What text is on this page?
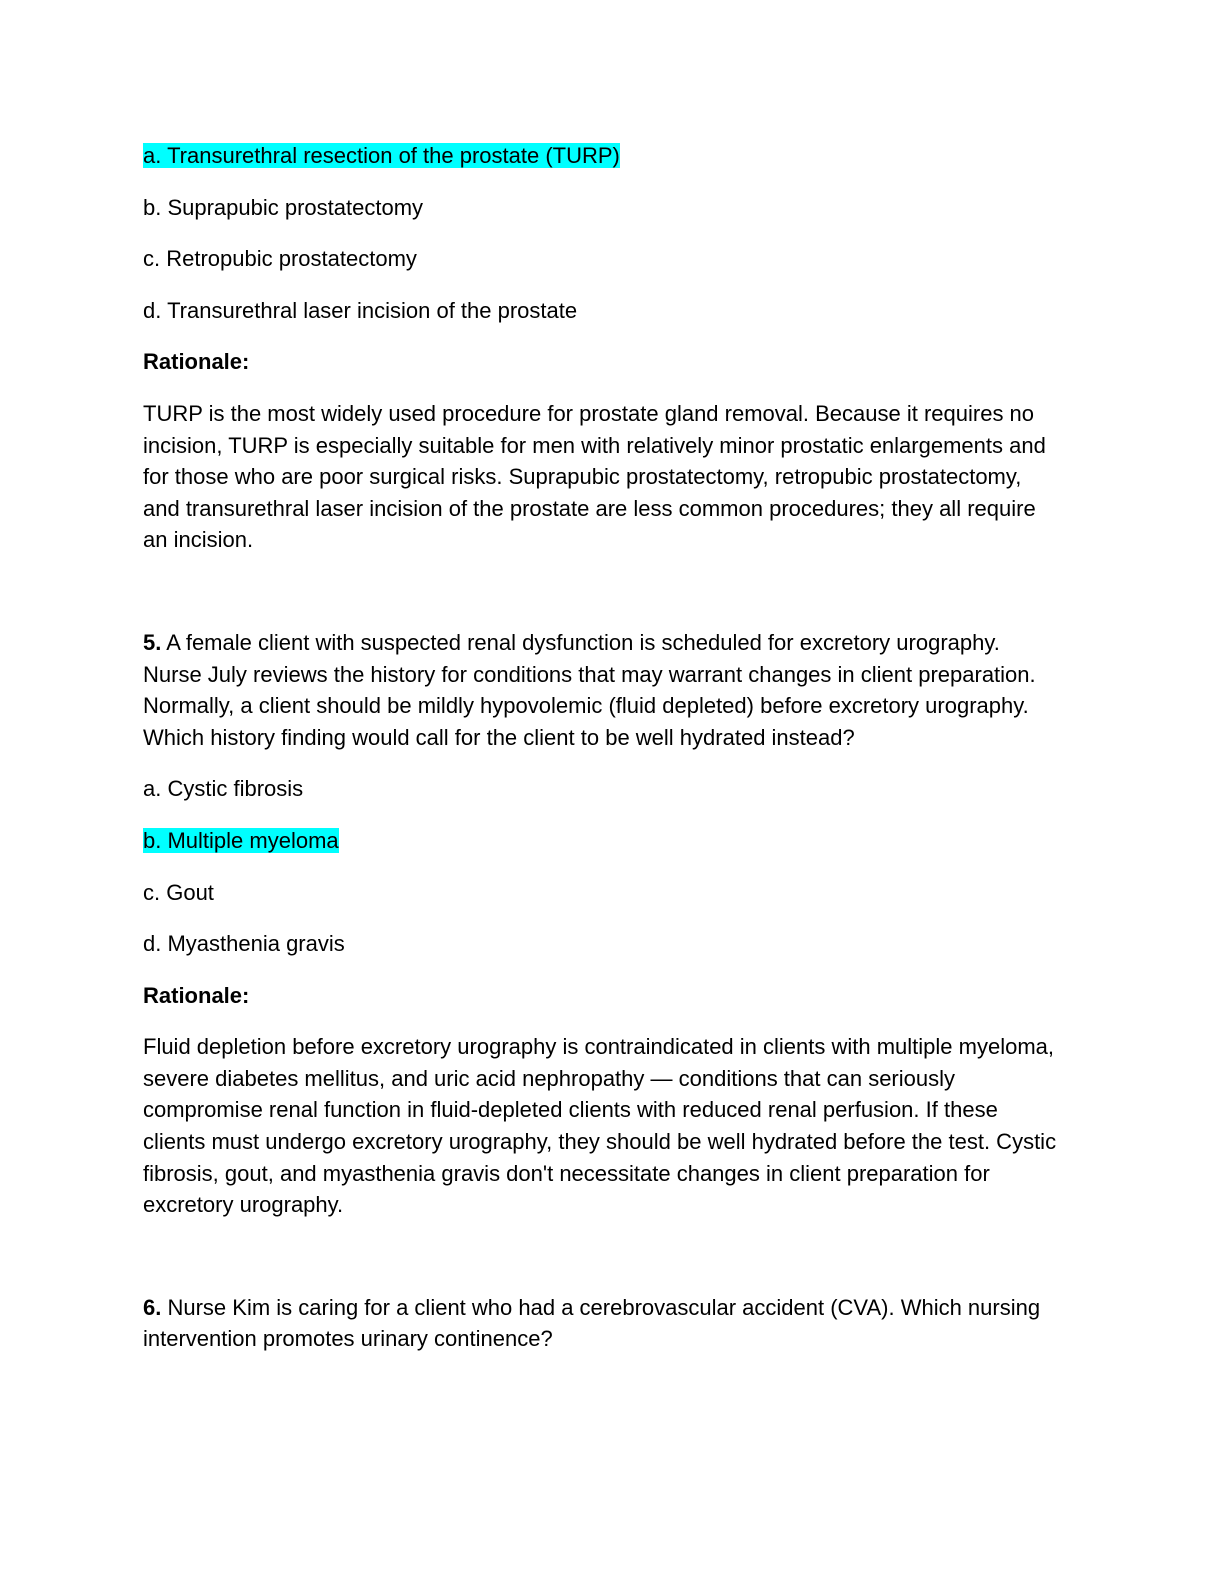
a. Transurethral resection of the prostate (TURP)

b. Suprapubic prostatectomy

c. Retropubic prostatectomy

d. Transurethral laser incision of the prostate

Rationale:

TURP is the most widely used procedure for prostate gland removal. Because it requires no incision, TURP is especially suitable for men with relatively minor prostatic enlargements and for those who are poor surgical risks. Suprapubic prostatectomy, retropubic prostatectomy, and transurethral laser incision of the prostate are less common procedures; they all require an incision.

5. A female client with suspected renal dysfunction is scheduled for excretory urography. Nurse July reviews the history for conditions that may warrant changes in client preparation. Normally, a client should be mildly hypovolemic (fluid depleted) before excretory urography. Which history finding would call for the client to be well hydrated instead?

a. Cystic fibrosis

b. Multiple myeloma

c. Gout

d. Myasthenia gravis

Rationale:

Fluid depletion before excretory urography is contraindicated in clients with multiple myeloma, severe diabetes mellitus, and uric acid nephropathy — conditions that can seriously compromise renal function in fluid-depleted clients with reduced renal perfusion. If these clients must undergo excretory urography, they should be well hydrated before the test. Cystic fibrosis, gout, and myasthenia gravis don't necessitate changes in client preparation for excretory urography.

6. Nurse Kim is caring for a client who had a cerebrovascular accident (CVA). Which nursing intervention promotes urinary continence?
